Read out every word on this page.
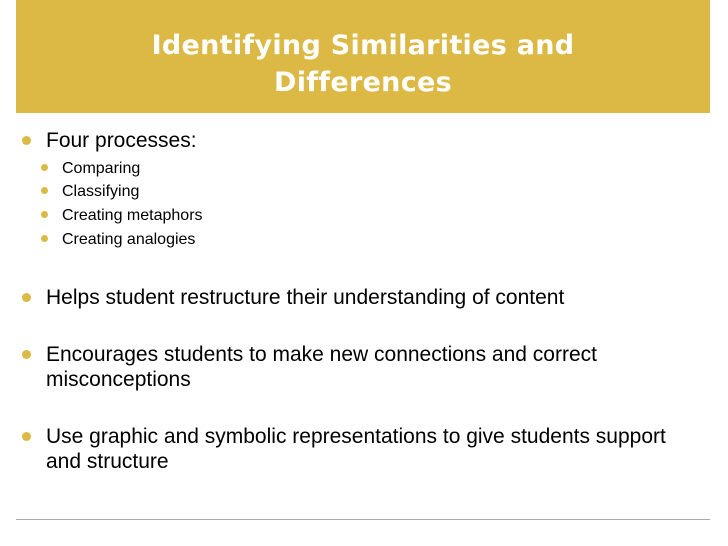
Identifying Similarities and
Differences
Four processes:
Comparing
Classifying
Creating metaphors
Creating analogies
Helps student restructure their understanding of content
Encourages students to make new connections and correct misconceptions
Use graphic and symbolic representations to give students support and structure
